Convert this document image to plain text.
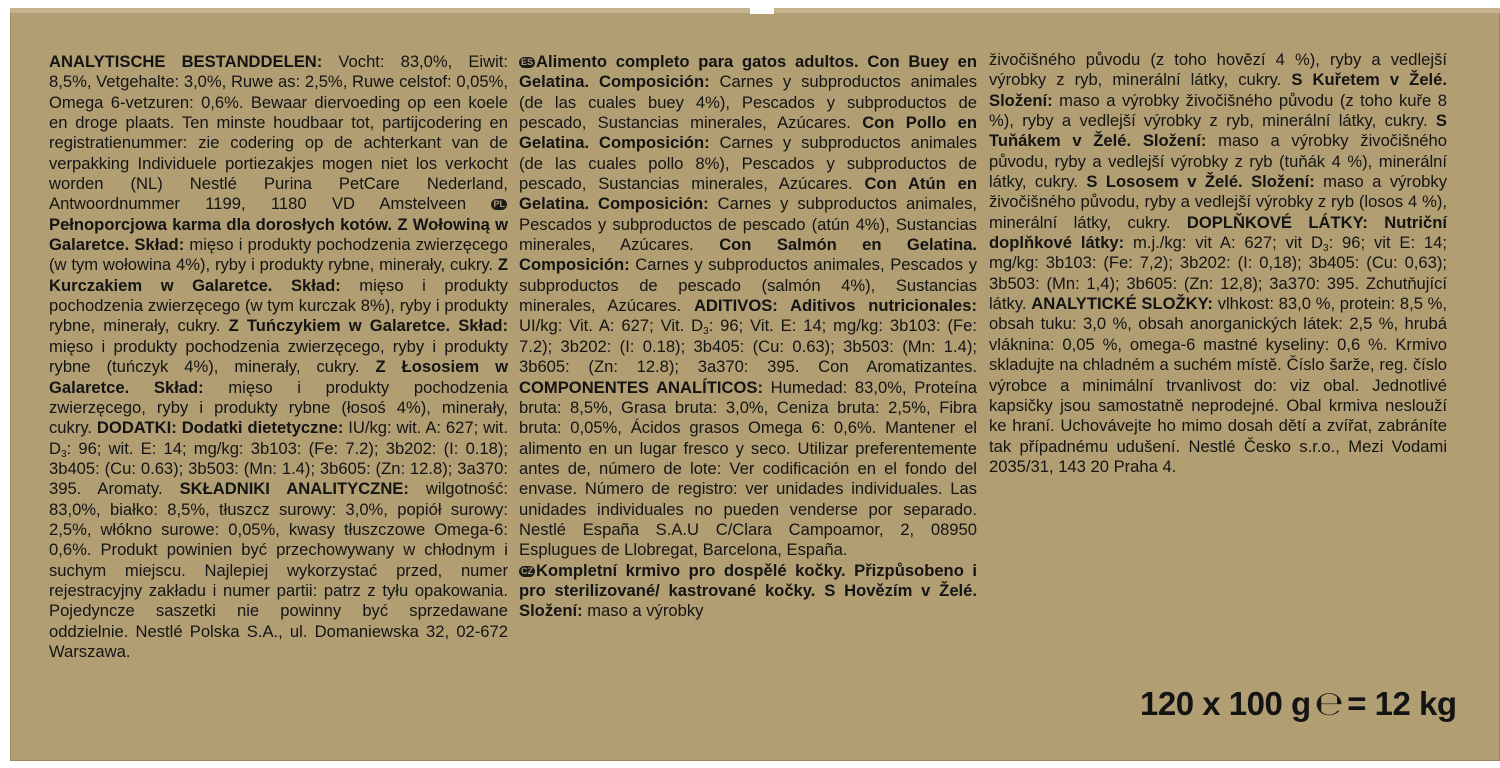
ANALYTISCHE BESTANDDELEN: Vocht: 83,0%, Eiwit: 8,5%, Vetgehalte: 3,0%, Ruwe as: 2,5%, Ruwe celstof: 0,05%, Omega 6-vetzuren: 0,6%. Bewaar diervoeding op een koele en droge plaats. Ten minste houdbaar tot, partijcodering en registratienummer: zie codering op de achterkant van de verpakking Individuele portiezakjes mogen niet los verkocht worden (NL) Nestlé Purina PetCare Nederland, Antwoordnummer 1199, 1180 VD Amstelveen PLPełnoporcjowa karma dla dorosłych kotów. Z Wołowiną w Galaretce. Skład: mięso i produkty pochodzenia zwierzęcego (w tym wołowina 4%), ryby i produkty rybne, minerały, cukry. Z Kurczakiem w Galaretce. Skład: mięso i produkty pochodzenia zwierzęcego (w tym kurczak 8%), ryby i produkty rybne, minerały, cukry. Z Tuńczykiem w Galaretce. Skład: mięso i produkty pochodzenia zwierzęcego, ryby i produkty rybne (tuńczyk 4%), minerały, cukry. Z Łososiem w Galaretce. Skład: mięso i produkty pochodzenia zwierzęcego, ryby i produkty rybne (łosoś 4%), minerały, cukry. DODATKI: Dodatki dietetyczne: IU/kg: wit. A: 627; wit. $D_3$: 96; wit. E: 14; mg/kg: 3b103: (Fe: 7.2); 3b202: (I: 0.18); 3b405: (Cu: 0.63); 3b503: (Mn: 1.4); 3b605: (Zn: 12.8); 3a370: 395. Aromaty. SKŁADNIKI ANALITYCZNE: wilgotność: 83,0%, białko: 8,5%, tłuszcz surowy: 3,0%, popiół surowy: 2,5%, włókno surowe: 0,05%, kwasy tłuszczowe Omega-6: 0,6%. Produkt powinien być przechowywany w chłodnym i suchym miejscu. Najlepiej wykorzystać przed, numer rejestracyjny zakładu i numer partii: patrz z tyłu opakowania. Pojedyncze saszetki nie powinny być sprzedawane oddzielnie. Nestlé Polska S.A., ul. Domaniewska 32, 02-672 Warszawa.
ES Alimento completo para gatos adultos. Con Buey en Gelatina. Composición: Carnes y subproductos animales (de las cuales buey 4%), Pescados y subproductos de pescado, Sustancias minerales, Azúcares. Con Pollo en Gelatina. Composición: Carnes y subproductos animales (de las cuales pollo 8%), Pescados y subproductos de pescado, Sustancias minerales, Azúcares. Con Atún en Gelatina. Composición: Carnes y subproductos animales, Pescados y subproductos de pescado (atún 4%), Sustancias minerales, Azúcares. Con Salmón en Gelatina. Composición: Carnes y subproductos animales, Pescados y subproductos de pescado (salmón 4%), Sustancias minerales, Azúcares. ADITIVOS: Aditivos nutricionales: UI/kg: Vit. A: 627; Vit. $D_3$: 96; Vit. E: 14; mg/kg: 3b103: (Fe: 7.2); 3b202: (I: 0.18); 3b405: (Cu: 0.63); 3b503: (Mn: 1.4); 3b605: (Zn: 12.8); 3a370: 395. Con Aromatizantes. COMPONENTES ANALÍTICOS: Humedad: 83,0%, Proteína bruta: 8,5%, Grasa bruta: 3,0%, Ceniza bruta: 2,5%, Fibra bruta: 0,05%, Ácidos grasos Omega 6: 0,6%. Mantener el alimento en un lugar fresco y seco. Utilizar preferentemente antes de, número de lote: Ver codificación en el fondo del envase. Número de registro: ver unidades individuales. Las unidades individuales no pueden venderse por separado. Nestlé España S.A.U C/Clara Campoamor, 2, 08950 Esplugues de Llobregat, Barcelona, España.
CZ Kompletní krmivo pro dospělé kočky. Přizpůsobeno i pro sterilizované/ kastrované kočky. S Hovězím v Želé. Složení: maso a výrobky
živočišného původu (z toho hovězí 4 %), ryby a vedlejší výrobky z ryb, minerální látky, cukry. S Kuřetem v Želé. Složení: maso a výrobky živočišného původu (z toho kuře 8 %), ryby a vedlejší výrobky z ryb, minerální látky, cukry. S Tuňákem v Želé. Složení: maso a výrobky živočišného původu, ryby a vedlejší výrobky z ryb (tuňák 4 %), minerální látky, cukry. S Lososem v Želé. Složení: maso a výrobky živočišného původu, ryby a vedlejší výrobky z ryb (losos 4 %), minerální látky, cukry. DOPLŇKOVÉ LÁTKY: Nutriční doplňkové látky: m.j./kg: vit A: 627; vit $D_3$: 96; vit E: 14; mg/kg: 3b103: (Fe: 7,2); 3b202: (I: 0,18); 3b405: (Cu: 0,63); 3b503: (Mn: 1,4); 3b605: (Zn: 12,8); 3a370: 395. Zchutňující látky. ANALYTICKÉ SLOŽKY: vlhkost: 83,0 %, protein: 8,5 %, obsah tuku: 3,0 %, obsah anorganických látek: 2,5 %, hrubá vláknina: 0,05 %, omega-6 mastné kyseliny: 0,6 %. Krmivo skladujte na chladném a suchém místě. Číslo šarže, reg. číslo výrobce a minimální trvanlivost do: viz obal. Jednotlivé kapsičky jsou samostatně neprodejné. Obal krmiva neslouží ke hraní. Uchovávejte ho mimo dosah dětí a zvířat, zabráníte tak případnému udušení. Nestlé Česko s.r.o., Mezi Vodami 2035/31, 143 20 Praha 4.
120 x 100 g ℮ = 12 kg
